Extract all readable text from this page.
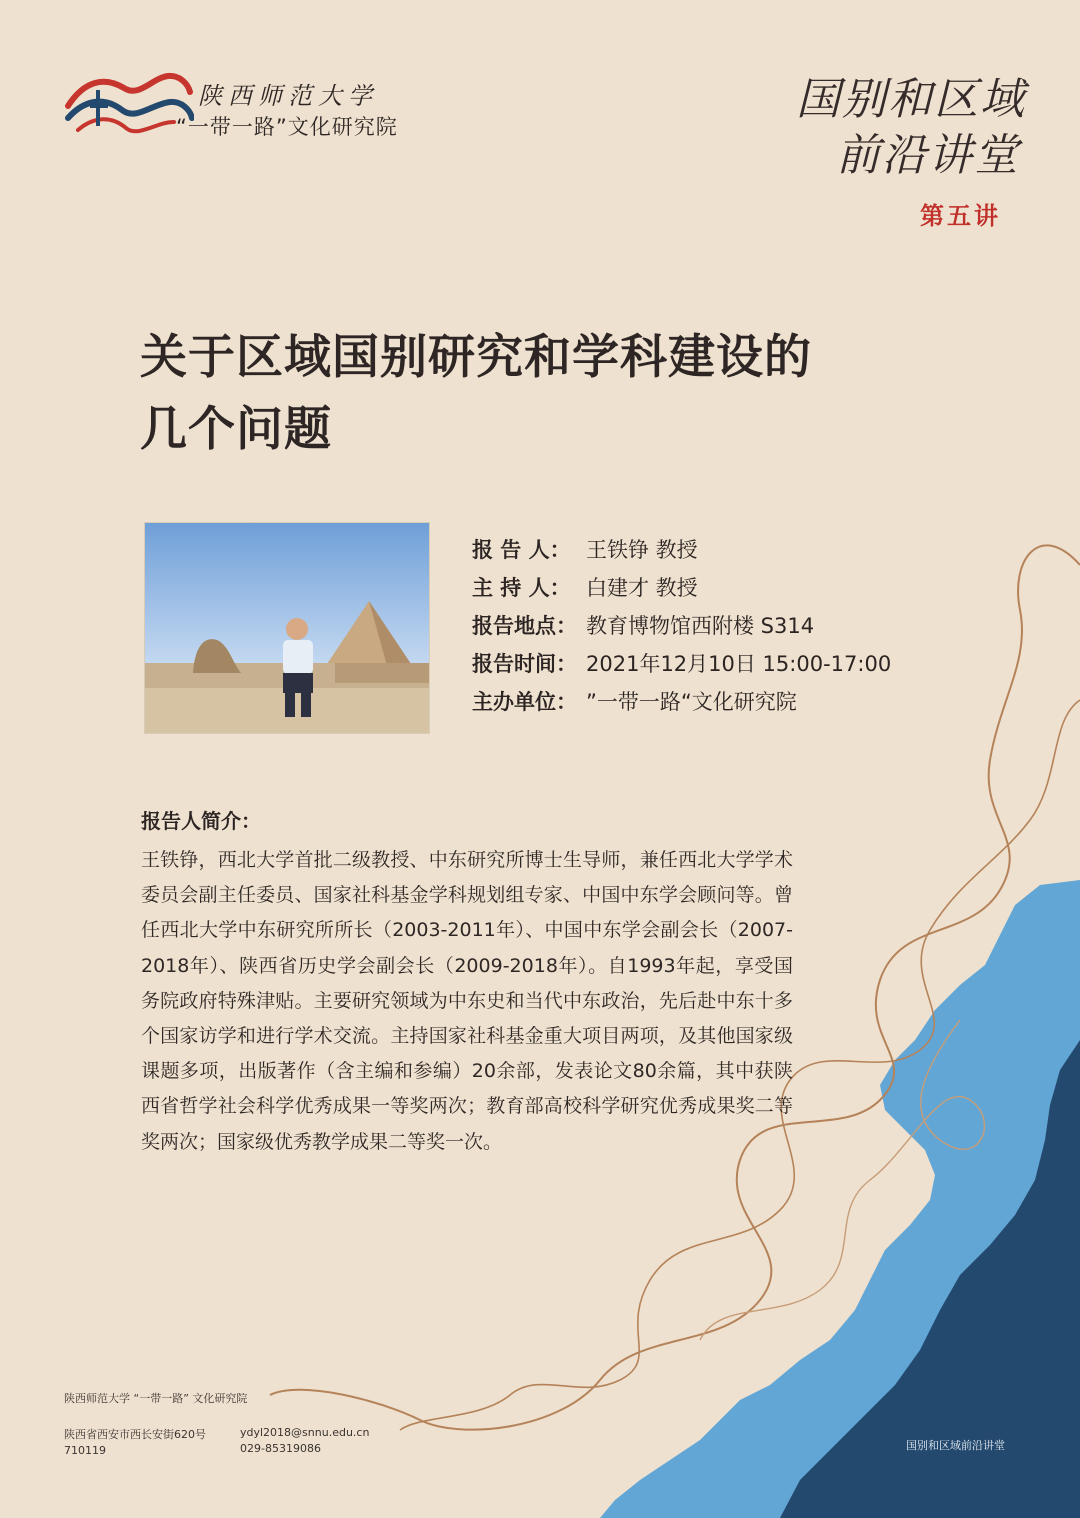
陕西师范大学
“一带一路”文化研究院
国别和区域
前沿讲堂
第五讲
关于区域国别研究和学科建设的
几个问题
报 告 人： 王铁铮 教授
主 持 人： 白建才 教授
报告地点： 教育博物馆西附楼 S314
报告时间： 2021年12月10日 15:00-17:00
主办单位： ”一带一路“文化研究院
报告人简介：
王铁铮，西北大学首批二级教授、中东研究所博士生导师，兼任西北大学学术委员会副主任委员、国家社科基金学科规划组专家、中国中东学会顾问等。曾任西北大学中东研究所所长（2003-2011年）、中国中东学会副会长（2007-2018年）、陕西省历史学会副会长（2009-2018年）。自1993年起，享受国务院政府特殊津贴。主要研究领域为中东史和当代中东政治，先后赴中东十多个国家访学和进行学术交流。主持国家社科基金重大项目两项，及其他国家级课题多项，出版著作（含主编和参编）20余部，发表论文80余篇，其中获陕西省哲学社会科学优秀成果一等奖两次；教育部高校科学研究优秀成果奖二等奖两次；国家级优秀教学成果二等奖一次。
陕西师范大学 “一带一路” 文化研究院
陕西省西安市西长安街620号
710119
ydyl2018@snnu.edu.cn
029-85319086	国别和区域前沿讲堂
